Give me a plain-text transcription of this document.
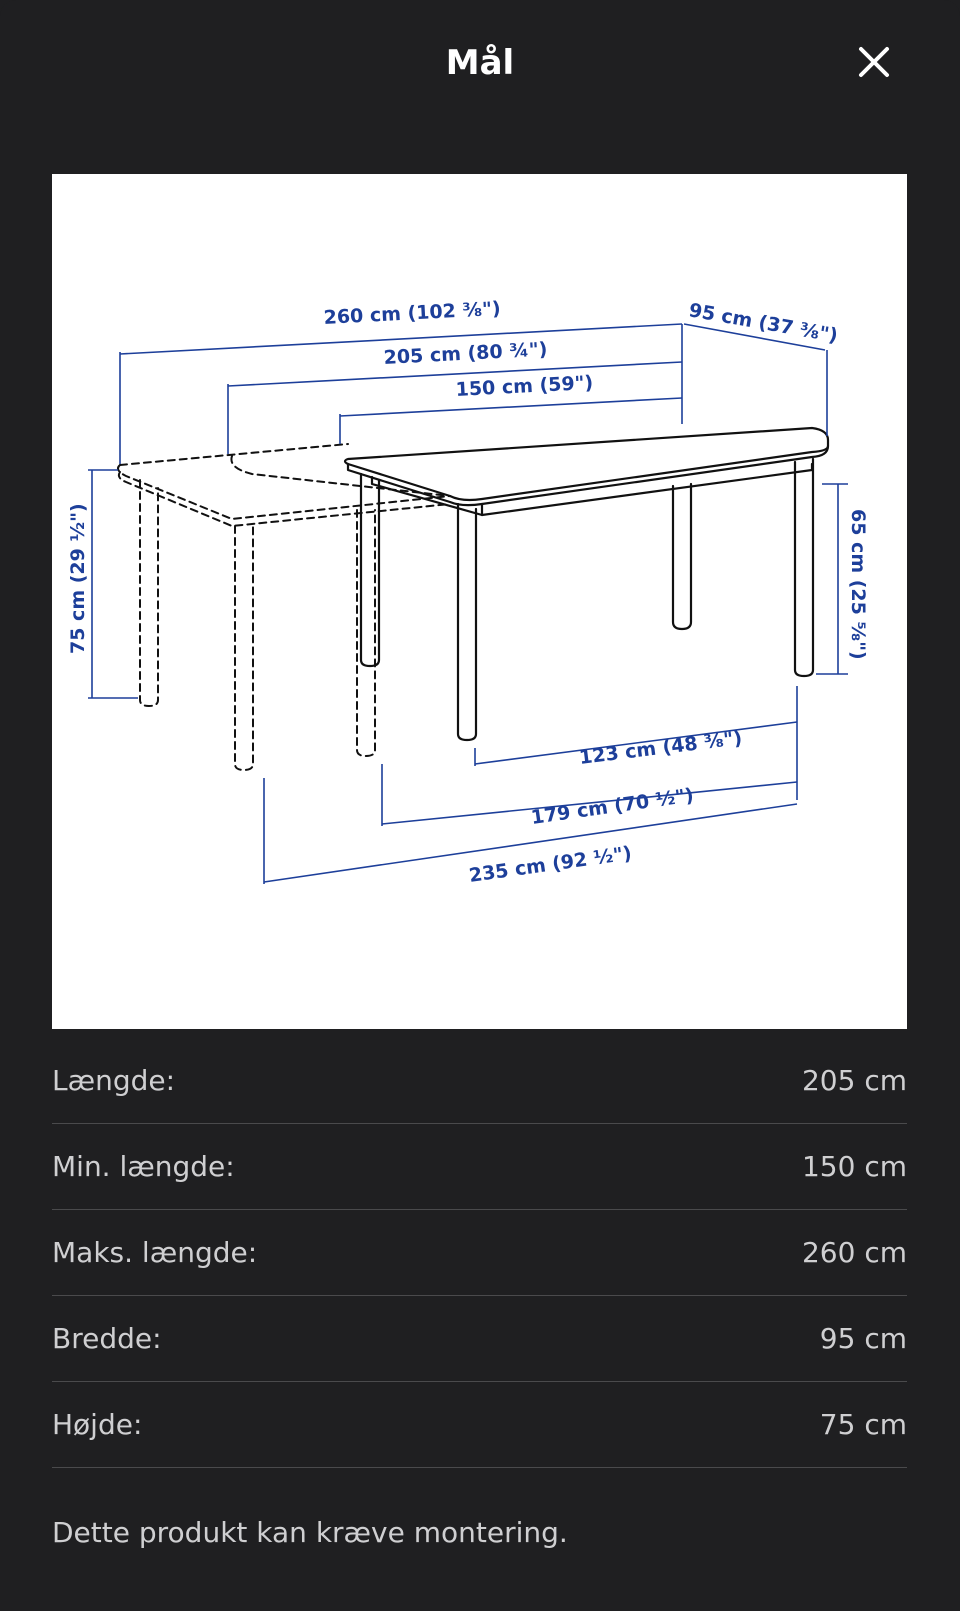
Mål
260 cm (102 ⅜")
205 cm (80 ¾")
150 cm (59")
95 cm (37 ⅜")
75 cm (29 ½")	65 cm (25 ⅝")
123 cm (48 ⅜")
179 cm (70 ½")
235 cm (92 ½")
Længde:	205 cm
Min. længde:	150 cm
Maks. længde:	260 cm
Bredde:	95 cm
Højde:	75 cm
Dette produkt kan kræve montering.
